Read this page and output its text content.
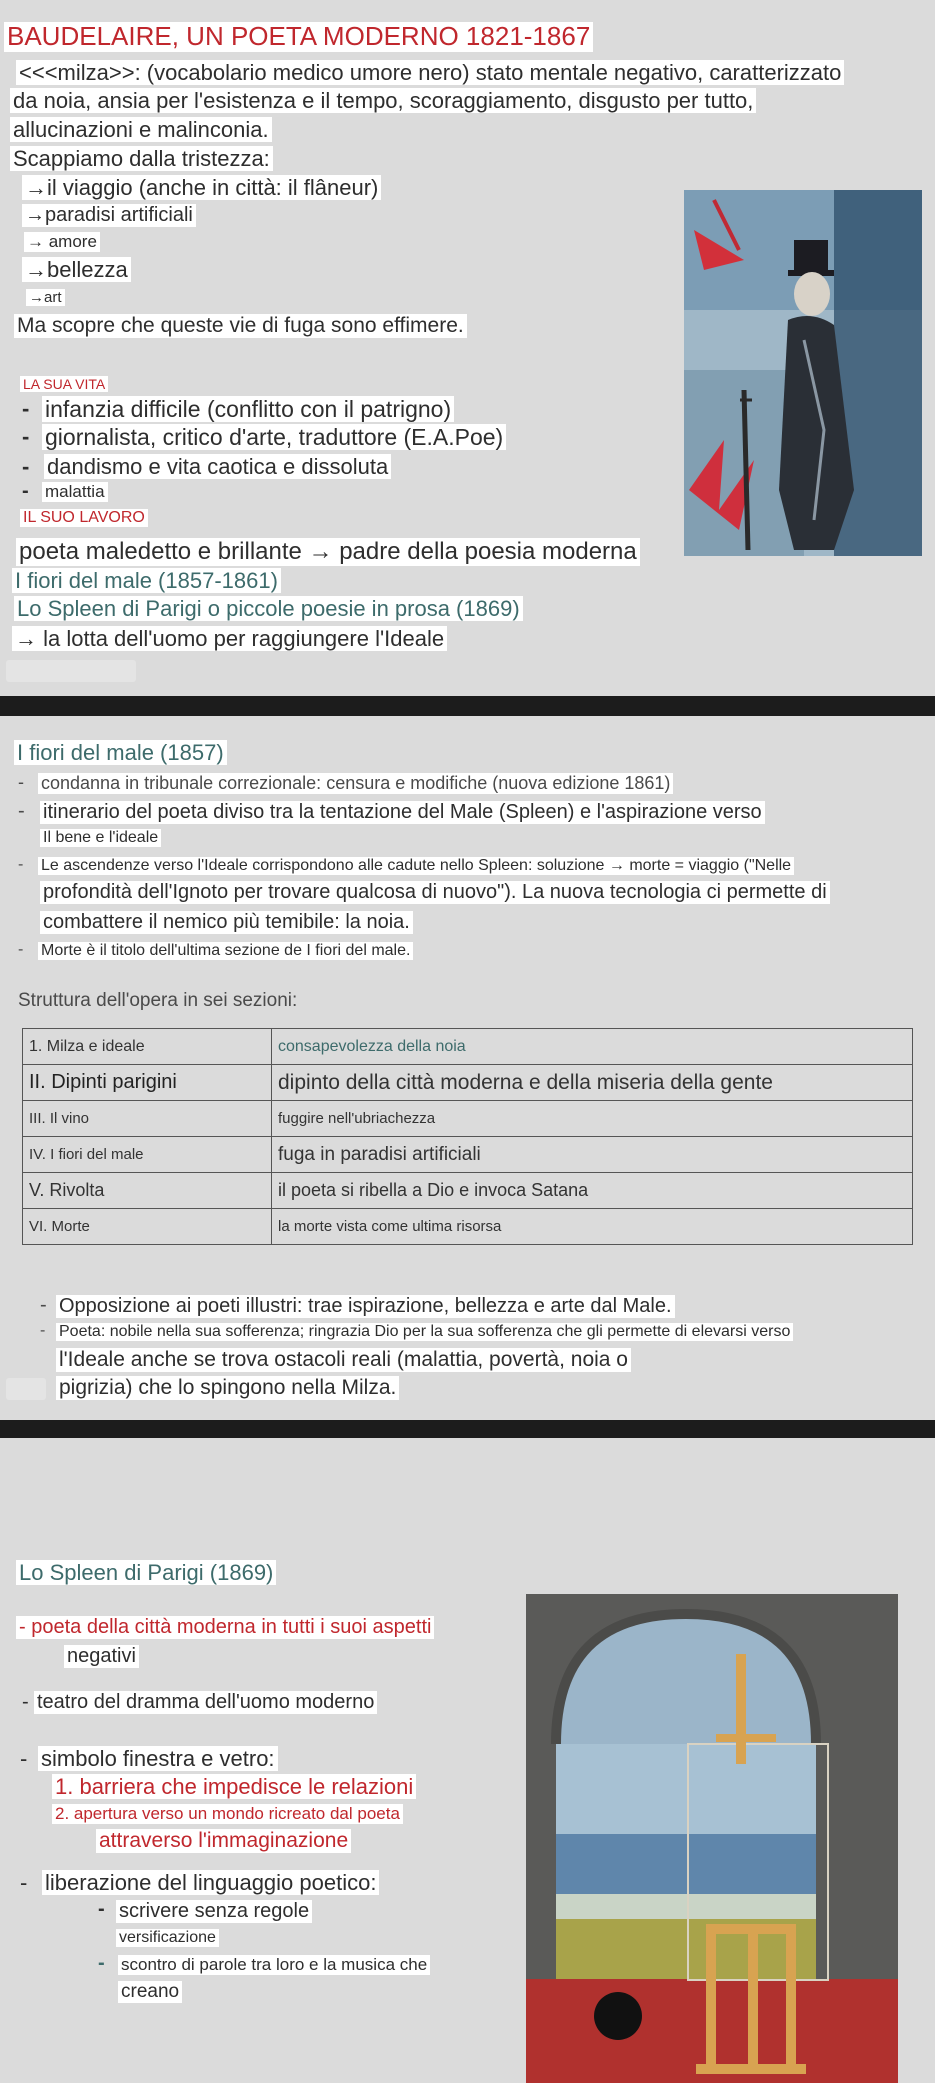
BAUDELAIRE, UN POETA MODERNO 1821-1867
<<<milza>>: (vocabolario medico umore nero) stato mentale negativo, caratterizzato
da noia, ansia per l'esistenza e il tempo, scoraggiamento, disgusto per tutto,
allucinazioni e malinconia.
Scappiamo dalla tristezza:
→il viaggio (anche in città: il flâneur)
→paradisi artificiali
→ amore
→bellezza
→art
Ma scopre che queste vie di fuga sono effimere.
LA SUA VITA
- infanzia difficile (conflitto con il patrigno)
- giornalista, critico d'arte, traduttore (E.A.Poe)
- dandismo e vita caotica e dissoluta
- malattia
IL SUO LAVORO
poeta maledetto e brillante → padre della poesia moderna
I fiori del male (1857-1861)
Lo Spleen di Parigi o piccole poesie in prosa (1869)
→ la lotta dell'uomo per raggiungere l'Ideale
I fiori del male (1857)
- condanna in tribunale correzionale: censura e modifiche (nuova edizione 1861)
- itinerario del poeta diviso tra la tentazione del Male (Spleen) e l'aspirazione verso
Il bene e l'ideale
- Le ascendenze verso l'Ideale corrispondono alle cadute nello Spleen: soluzione → morte = viaggio ("Nelle
profondità dell'Ignoto per trovare qualcosa di nuovo"). La nuova tecnologia ci permette di
combattere il nemico più temibile: la noia.
- Morte è il titolo dell'ultima sezione de I fiori del male.
Struttura dell'opera in sei sezioni:
1. Milza e ideale	consapevolezza della noia
II. Dipinti parigini	dipinto della città moderna e della miseria della gente
III. Il vino	fuggire nell'ubriachezza
IV. I fiori del male	fuga in paradisi artificiali
V. Rivolta	il poeta si ribella a Dio e invoca Satana
VI. Morte	la morte vista come ultima risorsa
- Opposizione ai poeti illustri: trae ispirazione, bellezza e arte dal Male.
- Poeta: nobile nella sua sofferenza; ringrazia Dio per la sua sofferenza che gli permette di elevarsi verso
l'Ideale anche se trova ostacoli reali (malattia, povertà, noia o
pigrizia) che lo spingono nella Milza.
Lo Spleen di Parigi (1869)
- poeta della città moderna in tutti i suoi aspetti
negativi
- teatro del dramma dell'uomo moderno
- simbolo finestra e vetro:
1. barriera che impedisce le relazioni
2. apertura verso un mondo ricreato dal poeta
attraverso l'immaginazione
- liberazione del linguaggio poetico:
- scrivere senza regole
versificazione
- scontro di parole tra loro e la musica che
creano
